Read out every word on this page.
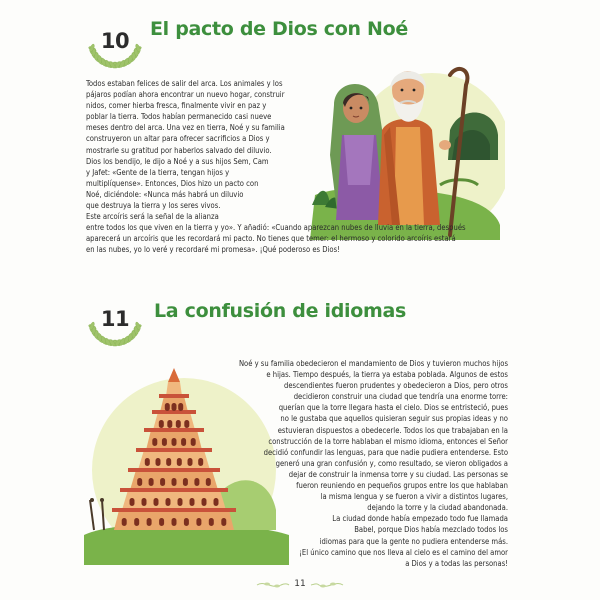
10	El pacto de Dios con Noé
Todos estaban felices de salir del arca. Los animales y los
pájaros podían ahora encontrar un nuevo hogar, construir
nidos, comer hierba fresca, finalmente vivir en paz y
poblar la tierra. Todos habían permanecido casi nueve
meses dentro del arca. Una vez en tierra, Noé y su familia
construyeron un altar para ofrecer sacrificios a Dios y
mostrarle su gratitud por haberlos salvado del diluvio.
Dios los bendijo, le dijo a Noé y a sus hijos Sem, Cam
y Jafet: «Gente de la tierra, tengan hijos y
multiplíquense». Entonces, Dios hizo un pacto con
Noé, diciéndole: «Nunca más habrá un diluvio
que destruya la tierra y los seres vivos.
Este arcoíris será la señal de la alianza
entre todos los que viven en la tierra y yo». Y añadió: «Cuando aparezcan nubes de lluvia en la tierra, después
aparecerá un arcoíris que les recordará mi pacto. No tienes que temer: el hermoso y colorido arcoíris estará
en las nubes, yo lo veré y recordaré mi promesa». ¡Qué poderoso es Dios!
11	La confusión de idiomas
Noé y su familia obedecieron el mandamiento de Dios y tuvieron muchos hijos
e hijas. Tiempo después, la tierra ya estaba poblada. Algunos de estos
descendientes fueron prudentes y obedecieron a Dios, pero otros
decidieron construir una ciudad que tendría una enorme torre:
querían que la torre llegara hasta el cielo. Dios se entristeció, pues
no le gustaba que aquellos quisieran seguir sus propias ideas y no
estuvieran dispuestos a obedecerle. Todos los que trabajaban en la
construcción de la torre hablaban el mismo idioma, entonces el Señor
decidió confundir las lenguas, para que nadie pudiera entenderse. Esto
generó una gran confusión y, como resultado, se vieron obligados a
dejar de construir la inmensa torre y su ciudad. Las personas se
fueron reuniendo en pequeños grupos entre los que hablaban
la misma lengua y se fueron a vivir a distintos lugares,
dejando la torre y la ciudad abandonada.
La ciudad donde había empezado todo fue llamada
Babel, porque Dios había mezclado todos los
idiomas para que la gente no pudiera entenderse más.
¡El único camino que nos lleva al cielo es el camino del amor
a Dios y a todas las personas!
11
